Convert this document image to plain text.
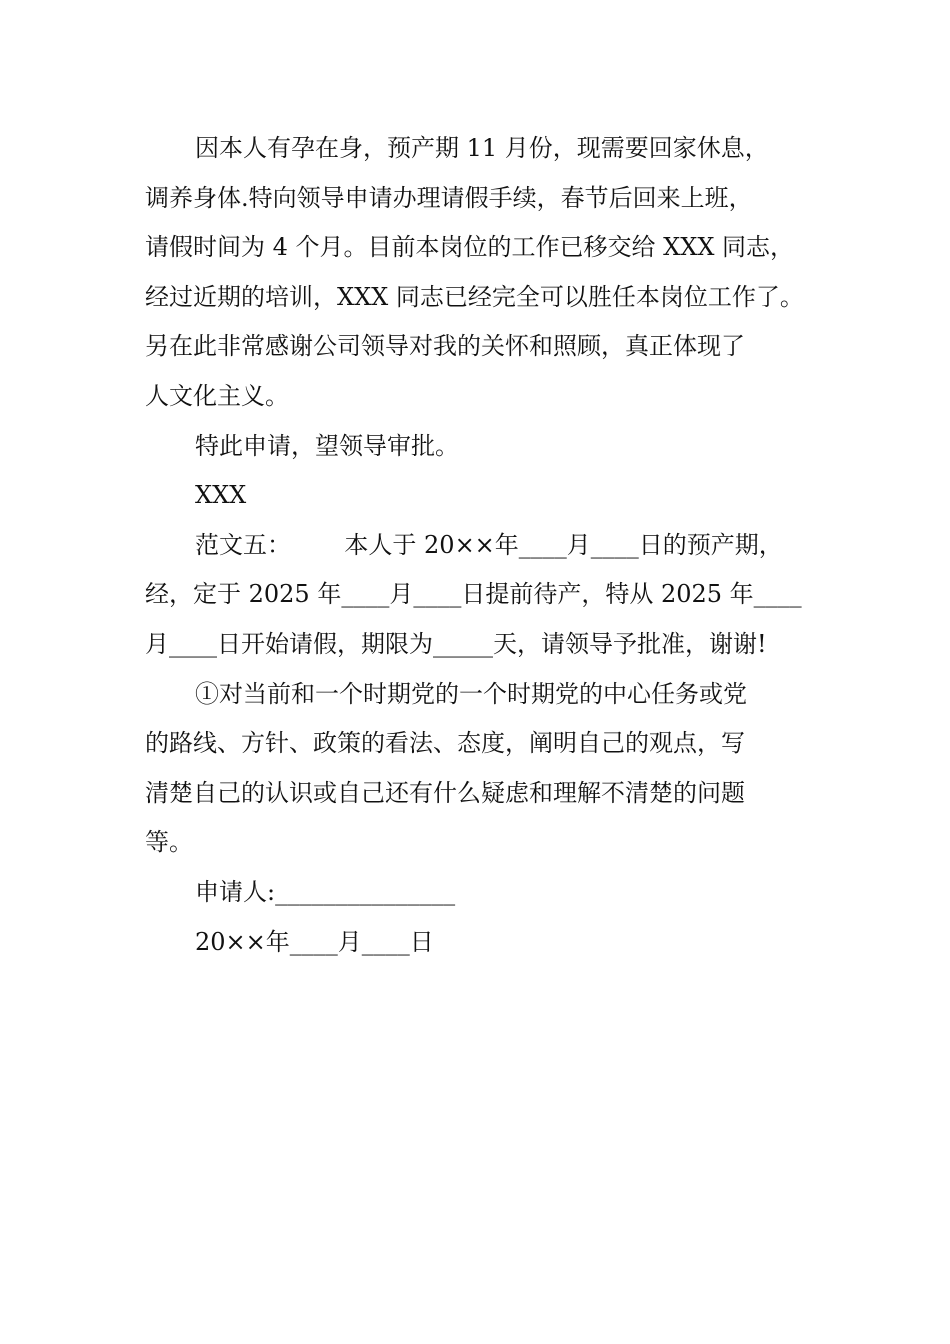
因本人有孕在身，预产期 11 月份，现需要回家休息，
调养身体.特向领导申请办理请假手续，春节后回来上班，
请假时间为 4 个月。目前本岗位的工作已移交给 XXX 同志，
经过近期的培训，XXX 同志已经完全可以胜任本岗位工作了。
另在此非常感谢公司领导对我的关怀和照顾，真正体现了
人文化主义。
特此申请，望领导审批。
XXX
范文五：       本人于 20××年____月____日的预产期，
经，定于 2025 年____月____日提前待产，特从 2025 年____
月____日开始请假，期限为_____天，请领导予批准，谢谢!
①对当前和一个时期党的一个时期党的中心任务或党
的路线、方针、政策的看法、态度，阐明自己的观点，写
清楚自己的认识或自己还有什么疑虑和理解不清楚的问题
等。
申请人:_______________
20××年____月____日
